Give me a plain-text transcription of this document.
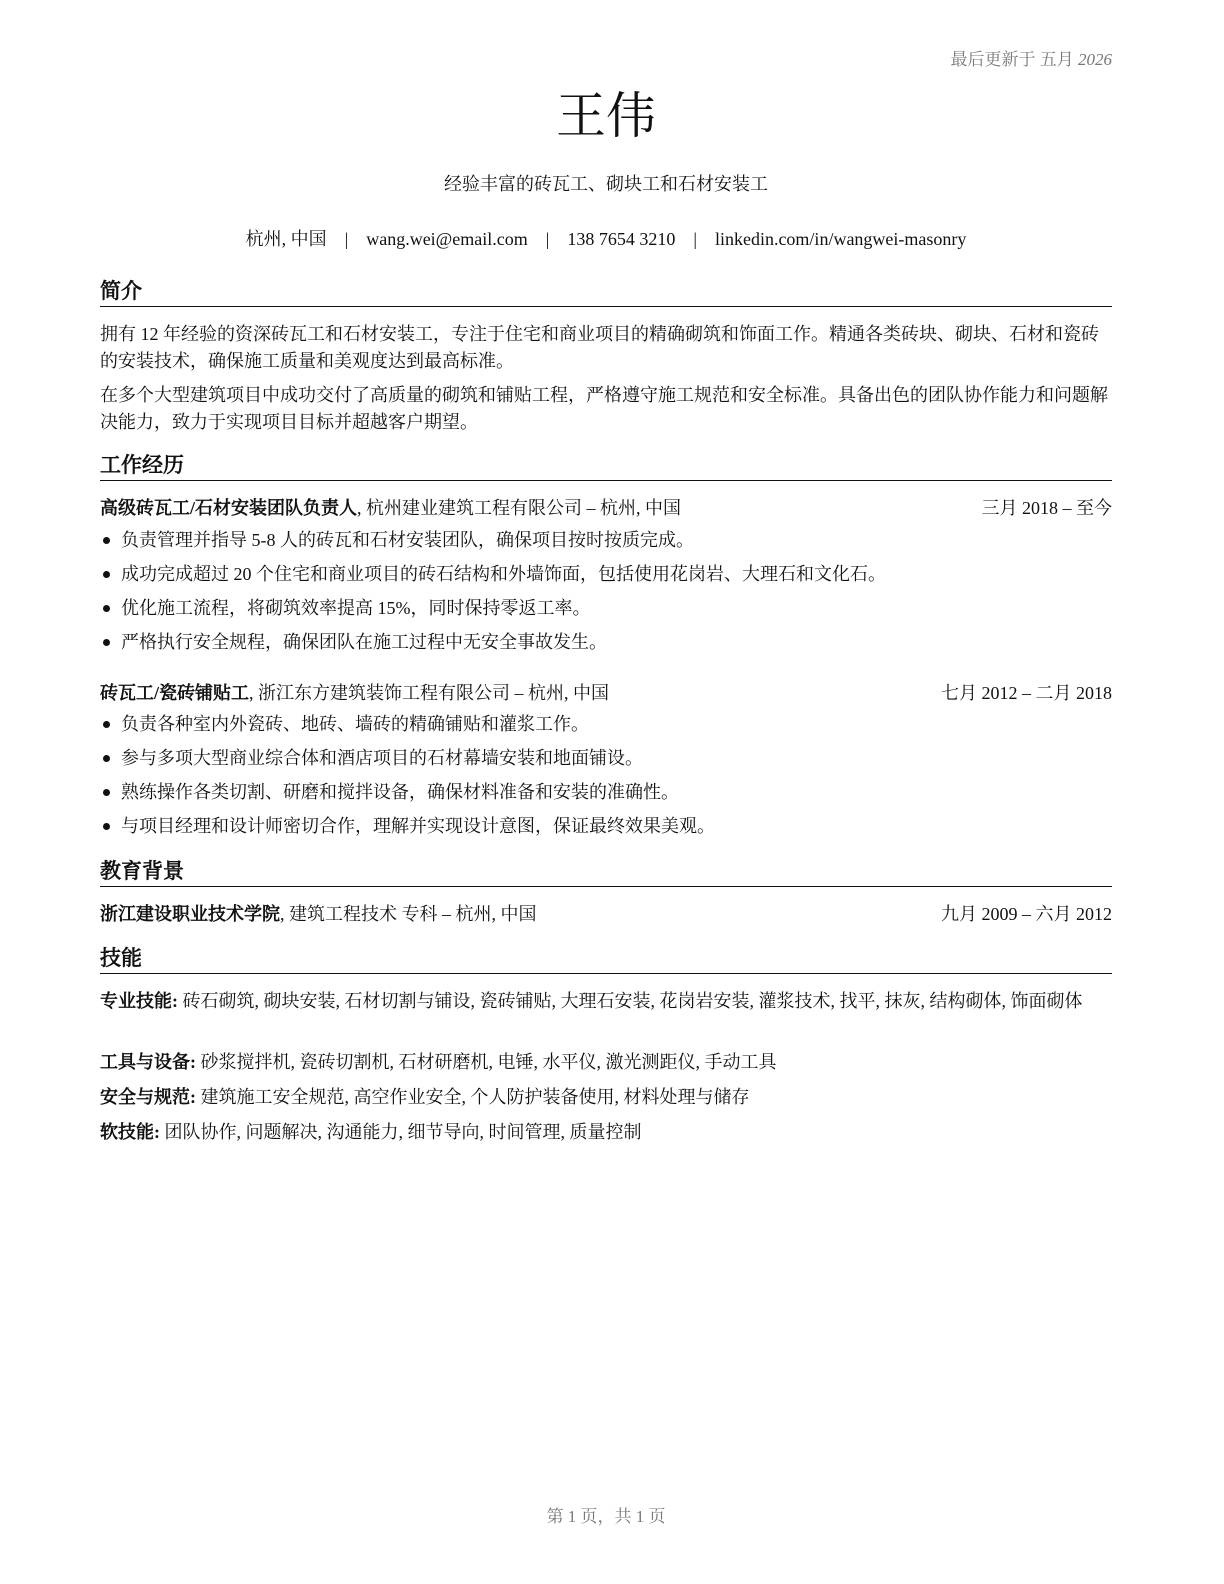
最后更新于 五月 2026
王伟
经验丰富的砖瓦工、砌块工和石材安装工
杭州, 中国 | wang.wei@email.com | 138 7654 3210 | linkedin.com/in/wangwei-masonry
简介
拥有 12 年经验的资深砖瓦工和石材安装工，专注于住宅和商业项目的精确砌筑和饰面工作。精通各类砖块、砌块、石材和瓷砖的安装技术，确保施工质量和美观度达到最高标准。
在多个大型建筑项目中成功交付了高质量的砌筑和铺贴工程，严格遵守施工规范和安全标准。具备出色的团队协作能力和问题解决能力，致力于实现项目目标并超越客户期望。
工作经历
高级砖瓦工/石材安装团队负责人, 杭州建业建筑工程有限公司 – 杭州, 中国	三月 2018 – 至今
负责管理并指导 5-8 人的砖瓦和石材安装团队，确保项目按时按质完成。
成功完成超过 20 个住宅和商业项目的砖石结构和外墙饰面，包括使用花岗岩、大理石和文化石。
优化施工流程，将砌筑效率提高 15%，同时保持零返工率。
严格执行安全规程，确保团队在施工过程中无安全事故发生。
砖瓦工/瓷砖铺贴工, 浙江东方建筑装饰工程有限公司 – 杭州, 中国	七月 2012 – 二月 2018
负责各种室内外瓷砖、地砖、墙砖的精确铺贴和灌浆工作。
参与多项大型商业综合体和酒店项目的石材幕墙安装和地面铺设。
熟练操作各类切割、研磨和搅拌设备，确保材料准备和安装的准确性。
与项目经理和设计师密切合作，理解并实现设计意图，保证最终效果美观。
教育背景
浙江建设职业技术学院, 建筑工程技术 专科 – 杭州, 中国	九月 2009 – 六月 2012
技能
专业技能: 砖石砌筑, 砌块安装, 石材切割与铺设, 瓷砖铺贴, 大理石安装, 花岗岩安装, 灌浆技术, 找平, 抹灰, 结构砌体, 饰面砌体
工具与设备: 砂浆搅拌机, 瓷砖切割机, 石材研磨机, 电锤, 水平仪, 激光测距仪, 手动工具
安全与规范: 建筑施工安全规范, 高空作业安全, 个人防护装备使用, 材料处理与储存
软技能: 团队协作, 问题解决, 沟通能力, 细节导向, 时间管理, 质量控制
第 1 页，共 1 页
